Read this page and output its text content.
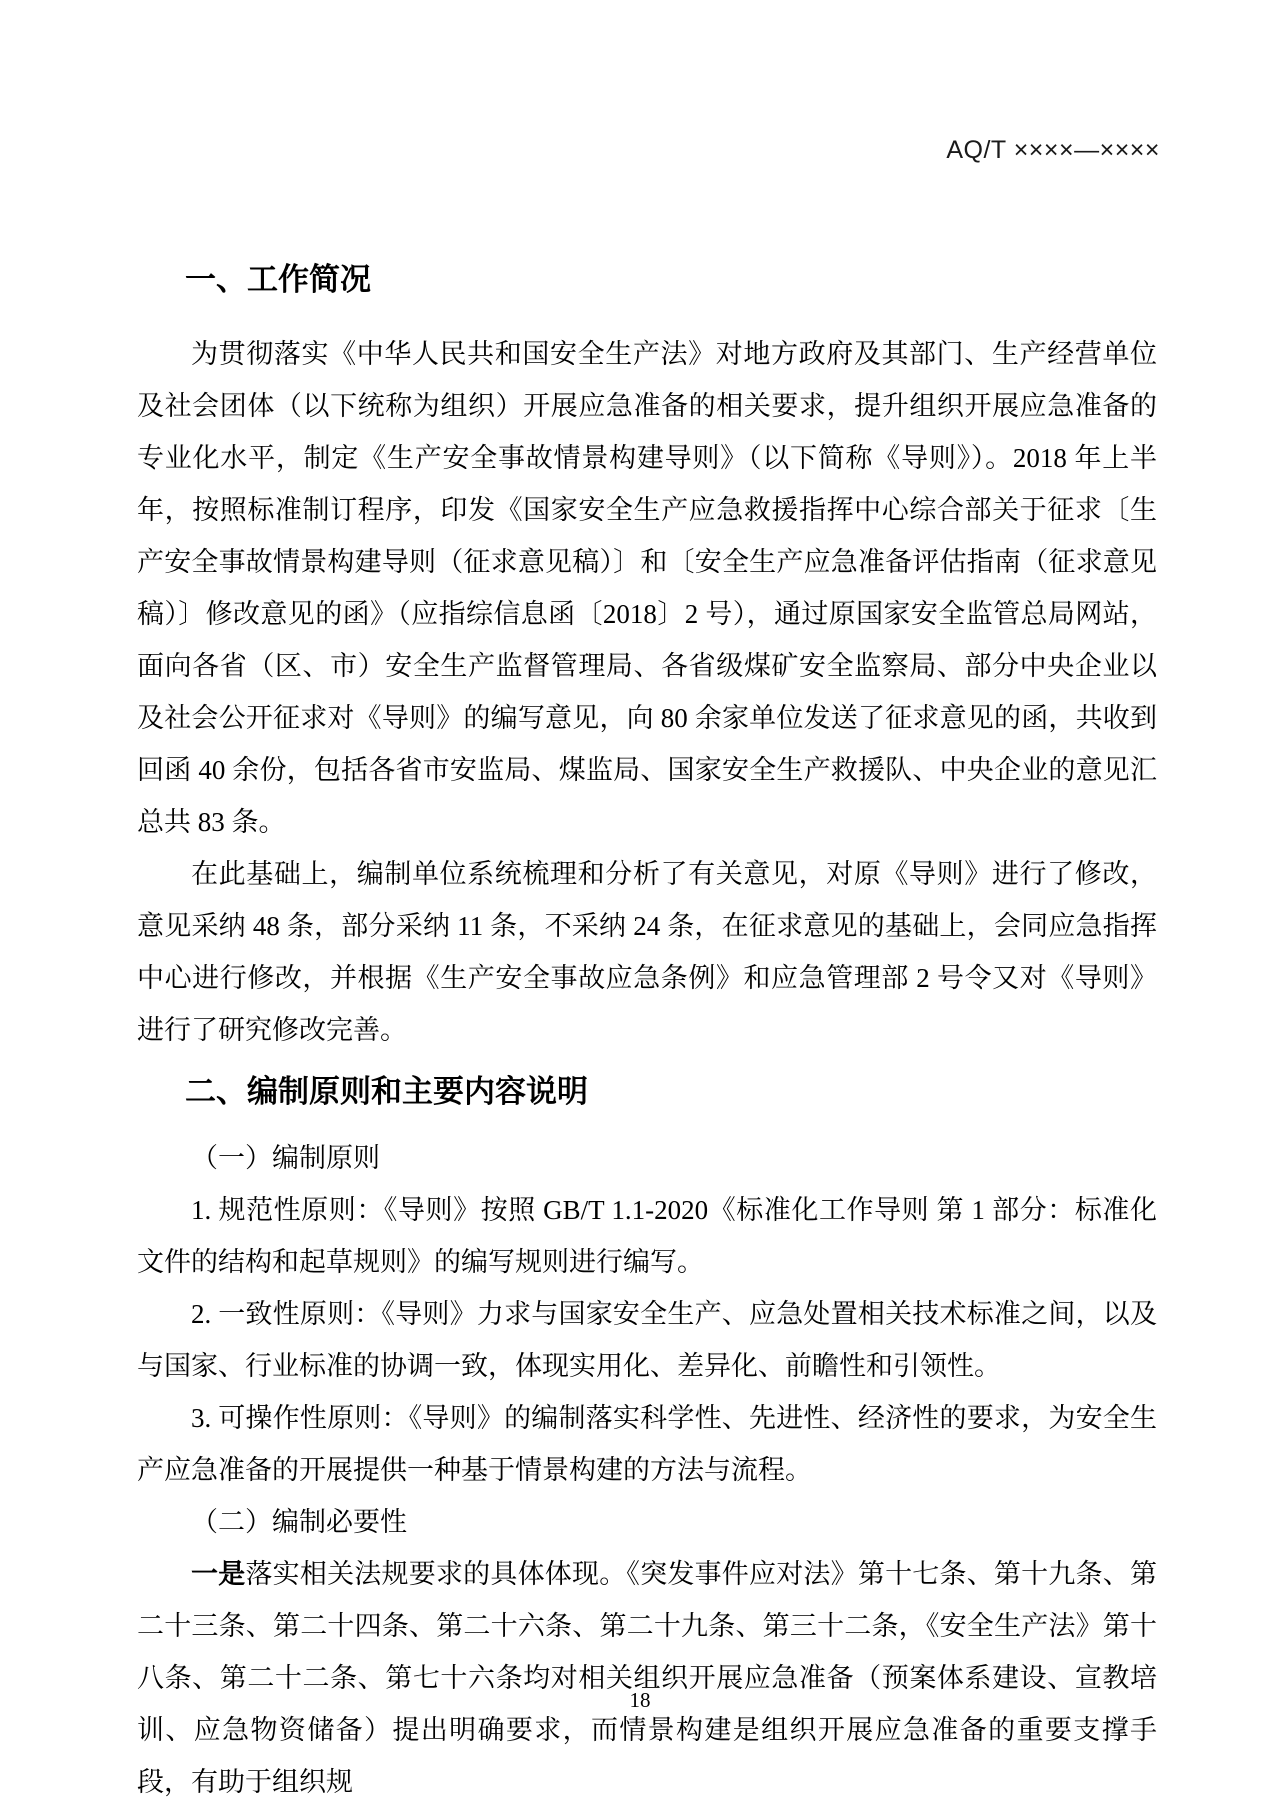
AQ/T ××××—××××
一、工作简况

为贯彻落实《中华人民共和国安全生产法》对地方政府及其部门、生产经营单位及社会团体（以下统称为组织）开展应急准备的相关要求，提升组织开展应急准备的专业化水平，制定《生产安全事故情景构建导则》（以下简称《导则》）。2018 年上半年，按照标准制订程序，印发《国家安全生产应急救援指挥中心综合部关于征求〔生产安全事故情景构建导则（征求意见稿）〕和〔安全生产应急准备评估指南（征求意见稿）〕修改意见的函》（应指综信息函〔2018〕2 号），通过原国家安全监管总局网站，面向各省（区、市）安全生产监督管理局、各省级煤矿安全监察局、部分中央企业以及社会公开征求对《导则》的编写意见，向 80 余家单位发送了征求意见的函，共收到回函 40 余份，包括各省市安监局、煤监局、国家安全生产救援队、中央企业的意见汇总共 83 条。

在此基础上，编制单位系统梳理和分析了有关意见，对原《导则》进行了修改，意见采纳 48 条，部分采纳 11 条，不采纳 24 条，在征求意见的基础上，会同应急指挥中心进行修改，并根据《生产安全事故应急条例》和应急管理部 2 号令又对《导则》进行了研究修改完善。

二、编制原则和主要内容说明

（一）编制原则

1. 规范性原则：《导则》按照 GB/T 1.1-2020《标准化工作导则 第 1 部分：标准化文件的结构和起草规则》的编写规则进行编写。

2. 一致性原则：《导则》力求与国家安全生产、应急处置相关技术标准之间，以及与国家、行业标准的协调一致，体现实用化、差异化、前瞻性和引领性。

3. 可操作性原则：《导则》的编制落实科学性、先进性、经济性的要求，为安全生产应急准备的开展提供一种基于情景构建的方法与流程。

（二）编制必要性

一是落实相关法规要求的具体体现。《突发事件应对法》第十七条、第十九条、第二十三条、第二十四条、第二十六条、第二十九条、第三十二条，《安全生产法》第十八条、第二十二条、第七十六条均对相关组织开展应急准备（预案体系建设、宣教培训、应急物资储备）提出明确要求，而情景构建是组织开展应急准备的重要支撑手段，有助于组织规

18
